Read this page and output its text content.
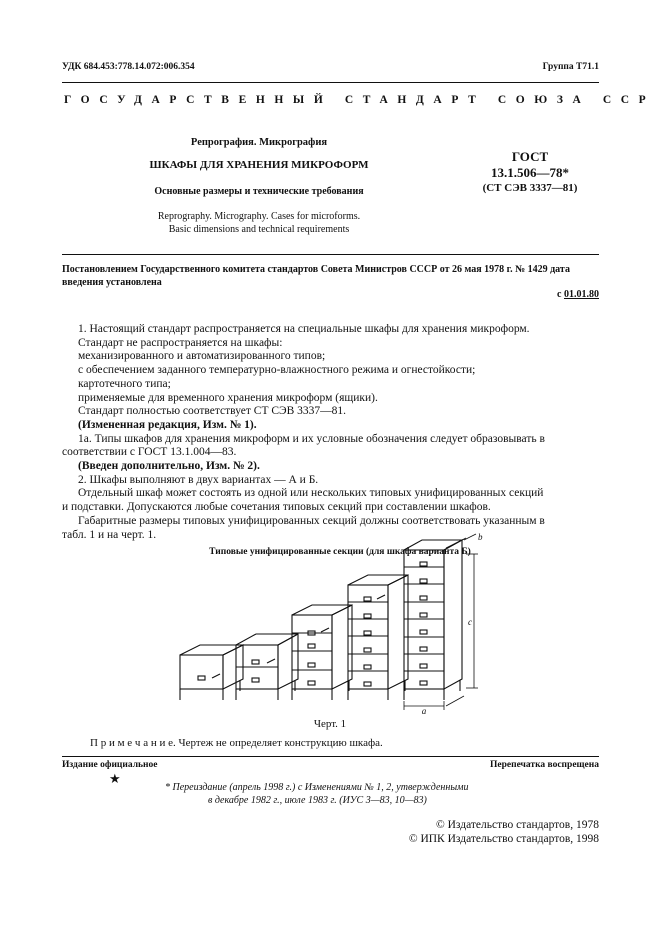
УДК 684.453:778.14.072:006.354	Группа Т71.1
ГОСУДАРСТВЕННЫЙ СТАНДАРТ СОЮЗА ССР
Репрография. Микрография
ШКАФЫ ДЛЯ ХРАНЕНИЯ МИКРОФОРМ
Основные размеры и технические требования
Reprography. Micrography. Cases for microforms.
Basic dimensions and technical requirements
ГОСТ
13.1.506—78*
(СТ СЭВ 3337—81)
Постановлением Государственного комитета стандартов Совета Министров СССР от 26 мая 1978 г. № 1429 дата введения установлена
с 01.01.80
1. Настоящий стандарт распространяется на специальные шкафы для хранения микроформ.
Стандарт не распространяется на шкафы:
механизированного и автоматизированного типов;
с обеспечением заданного температурно-влажностного режима и огнестойкости;
картотечного типа;
применяемые для временного хранения микроформ (ящики).
Стандарт полностью соответствует СТ СЭВ 3337—81.
(Измененная редакция, Изм. № 1).
1а. Типы шкафов для хранения микроформ и их условные обозначения следует образовывать в
соответствии с ГОСТ 13.1.004—83.
(Введен дополнительно, Изм. № 2).
2. Шкафы выполняют в двух вариантах — А и Б.
Отдельный шкаф может состоять из одной или нескольких типовых унифицированных секций
и подставки. Допускаются любые сочетания типовых секций при составлении шкафов.
Габаритные размеры типовых унифицированных секций должны соответствовать указанным в
табл. 1 и на черт. 1.
Типовые унифицированные секции (для шкафа варианта Б)
a
b
c
Черт. 1
П р и м е ч а н и е. Чертеж не определяет конструкцию шкафа.
Издание официальное	Перепечатка воспрещена
★
* Переиздание (апрель 1998 г.) с Изменениями № 1, 2, утвержденными
в декабре 1982 г., июле 1983 г. (ИУС 3—83, 10—83)
© Издательство стандартов, 1978
© ИПК Издательство стандартов, 1998
